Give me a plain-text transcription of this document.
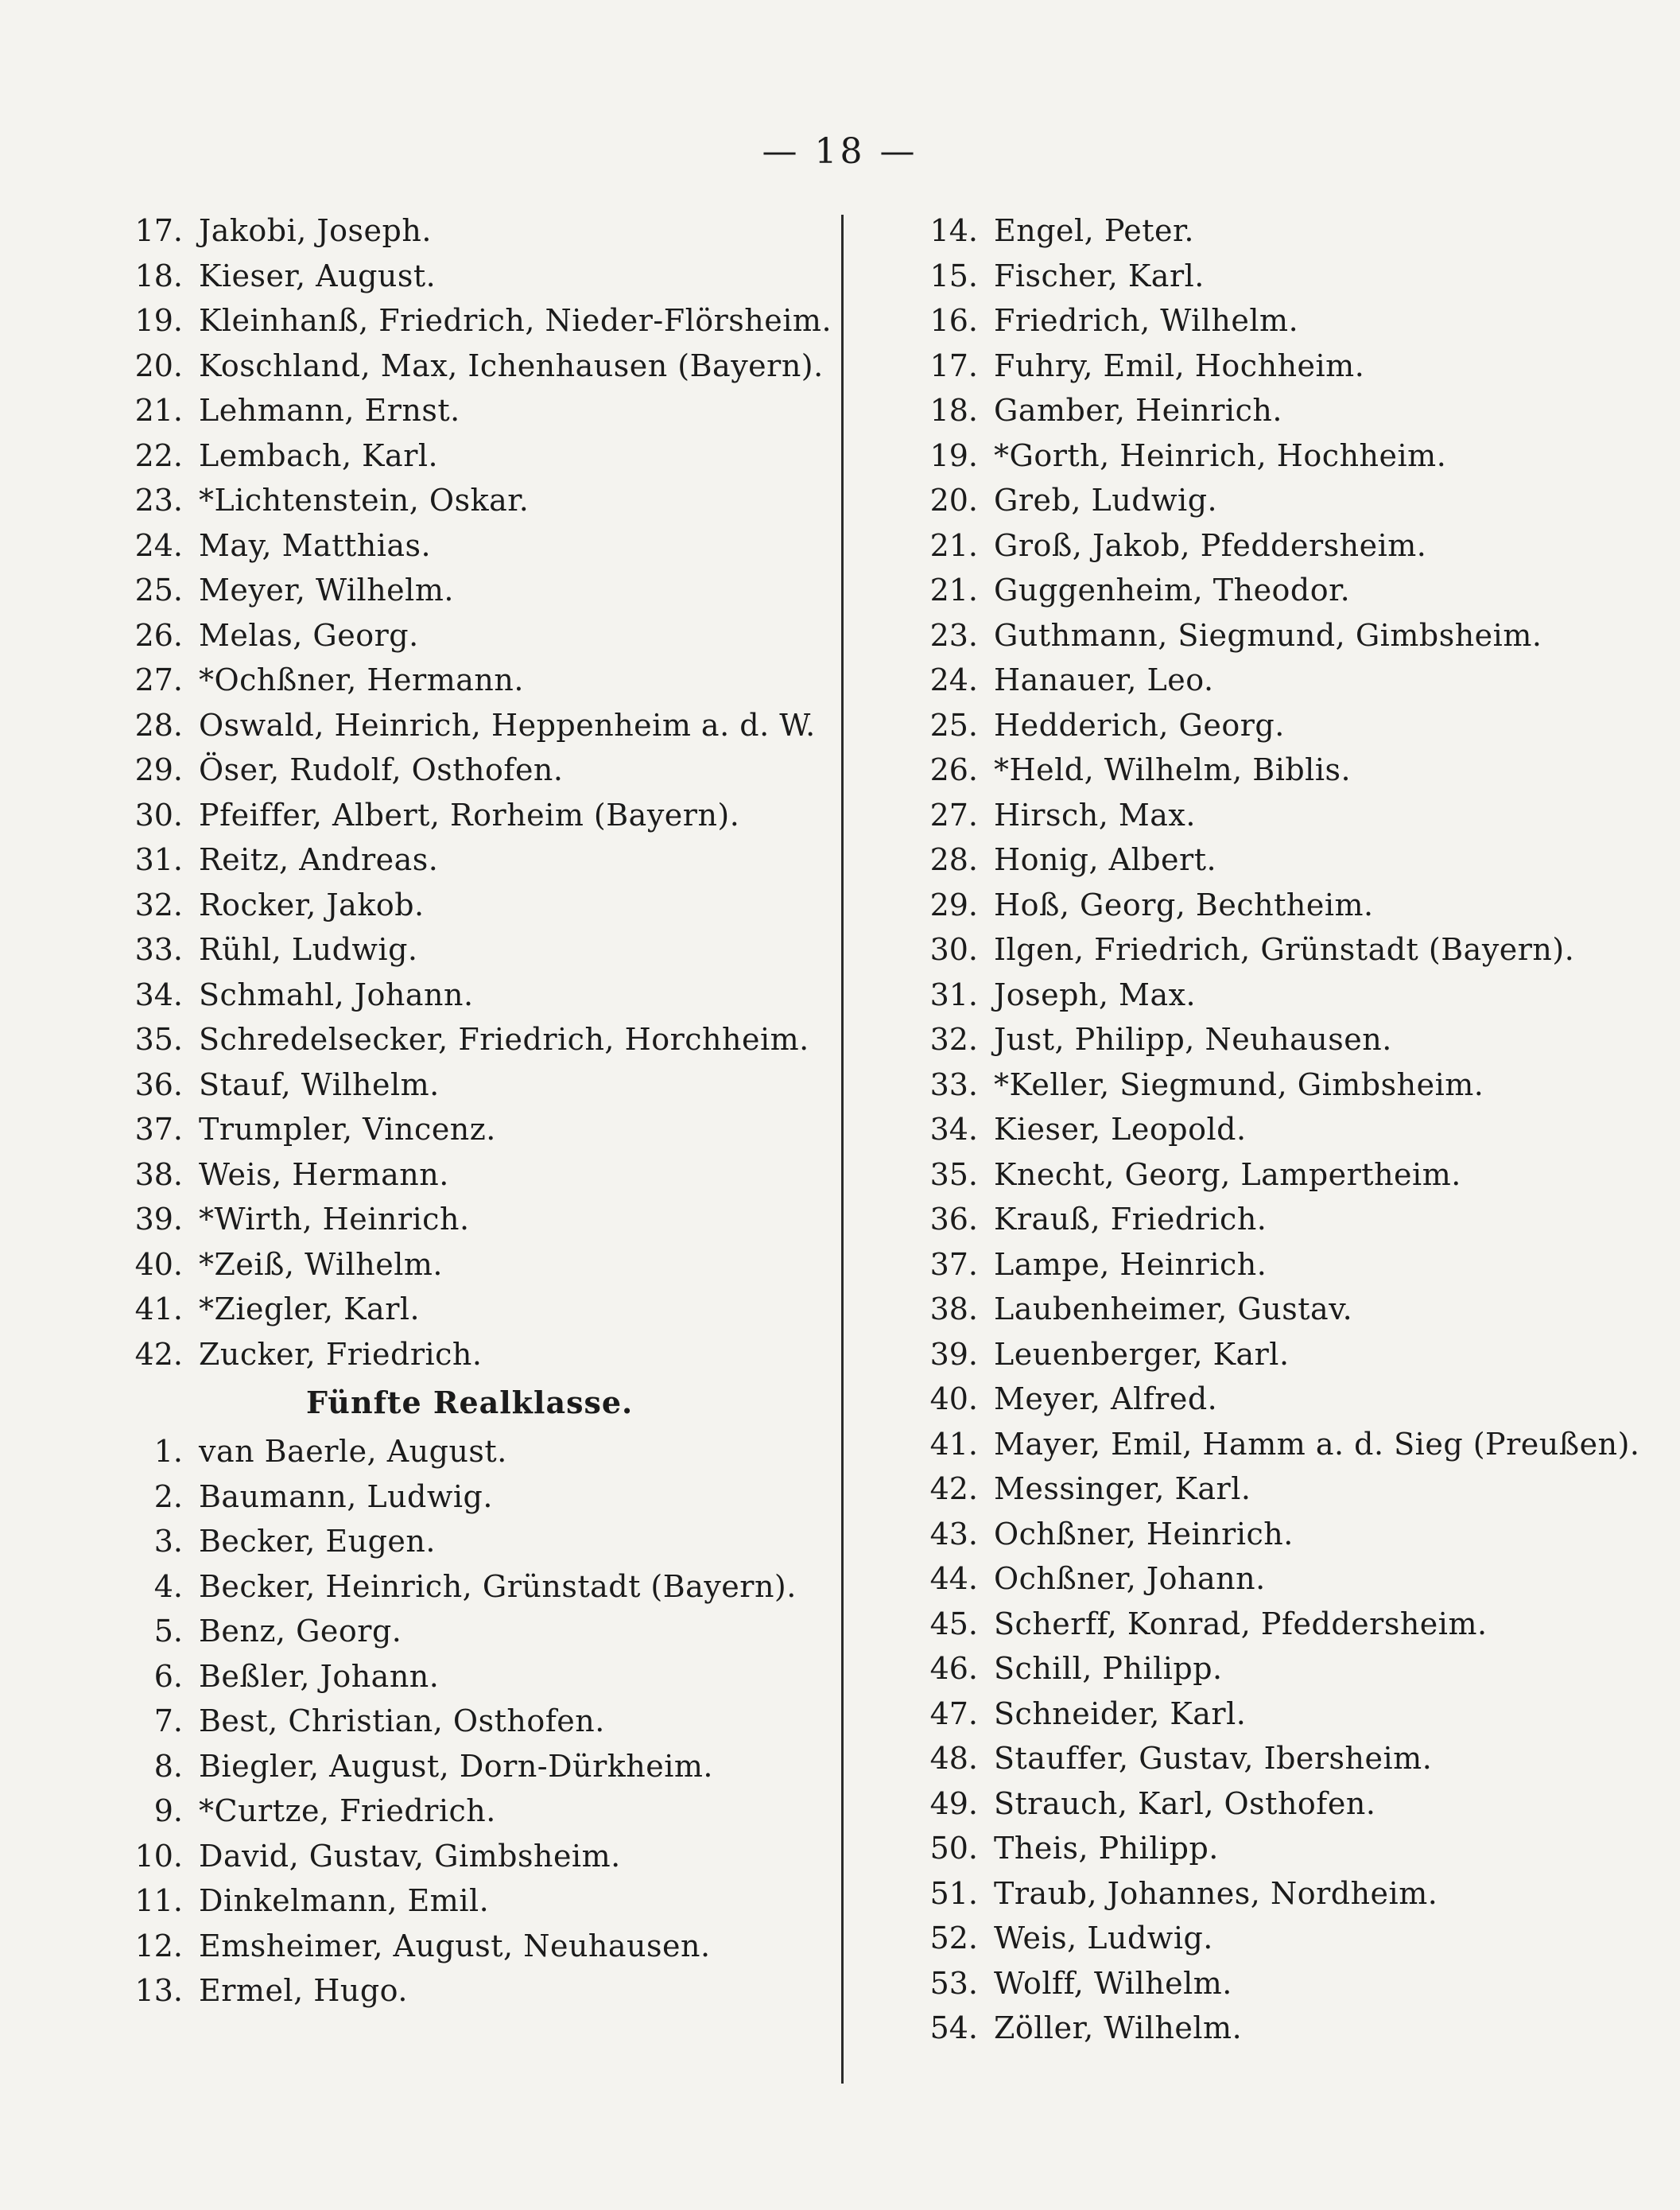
— 18 —
17. Jakobi, Joseph.
18. Kieser, August.
19. Kleinhanß, Friedrich, Nieder-Flörsheim.
20. Koschland, Max, Ichenhausen (Bayern).
21. Lehmann, Ernst.
22. Lembach, Karl.
23. *Lichtenstein, Oskar.
24. May, Matthias.
25. Meyer, Wilhelm.
26. Melas, Georg.
27. *Ochßner, Hermann.
28. Oswald, Heinrich, Heppenheim a. d. W.
29. Öser, Rudolf, Osthofen.
30. Pfeiffer, Albert, Rorheim (Bayern).
31. Reitz, Andreas.
32. Rocker, Jakob.
33. Rühl, Ludwig.
34. Schmahl, Johann.
35. Schredelsecker, Friedrich, Horchheim.
36. Stauf, Wilhelm.
37. Trumpler, Vincenz.
38. Weis, Hermann.
39. *Wirth, Heinrich.
40. *Zeiß, Wilhelm.
41. *Ziegler, Karl.
42. Zucker, Friedrich.
Fünfte Realklasse.
1. van Baerle, August.
2. Baumann, Ludwig.
3. Becker, Eugen.
4. Becker, Heinrich, Grünstadt (Bayern).
5. Benz, Georg.
6. Beßler, Johann.
7. Best, Christian, Osthofen.
8. Biegler, August, Dorn-Dürkheim.
9. *Curtze, Friedrich.
10. David, Gustav, Gimbsheim.
11. Dinkelmann, Emil.
12. Emsheimer, August, Neuhausen.
13. Ermel, Hugo.
14. Engel, Peter.
15. Fischer, Karl.
16. Friedrich, Wilhelm.
17. Fuhry, Emil, Hochheim.
18. Gamber, Heinrich.
19. *Gorth, Heinrich, Hochheim.
20. Greb, Ludwig.
21. Groß, Jakob, Pfeddersheim.
21. Guggenheim, Theodor.
23. Guthmann, Siegmund, Gimbsheim.
24. Hanauer, Leo.
25. Hedderich, Georg.
26. *Held, Wilhelm, Biblis.
27. Hirsch, Max.
28. Honig, Albert.
29. Hoß, Georg, Bechtheim.
30. Ilgen, Friedrich, Grünstadt (Bayern).
31. Joseph, Max.
32. Just, Philipp, Neuhausen.
33. *Keller, Siegmund, Gimbsheim.
34. Kieser, Leopold.
35. Knecht, Georg, Lampertheim.
36. Krauß, Friedrich.
37. Lampe, Heinrich.
38. Laubenheimer, Gustav.
39. Leuenberger, Karl.
40. Meyer, Alfred.
41. Mayer, Emil, Hamm a. d. Sieg (Preußen).
42. Messinger, Karl.
43. Ochßner, Heinrich.
44. Ochßner, Johann.
45. Scherff, Konrad, Pfeddersheim.
46. Schill, Philipp.
47. Schneider, Karl.
48. Stauffer, Gustav, Ibersheim.
49. Strauch, Karl, Osthofen.
50. Theis, Philipp.
51. Traub, Johannes, Nordheim.
52. Weis, Ludwig.
53. Wolff, Wilhelm.
54. Zöller, Wilhelm.
